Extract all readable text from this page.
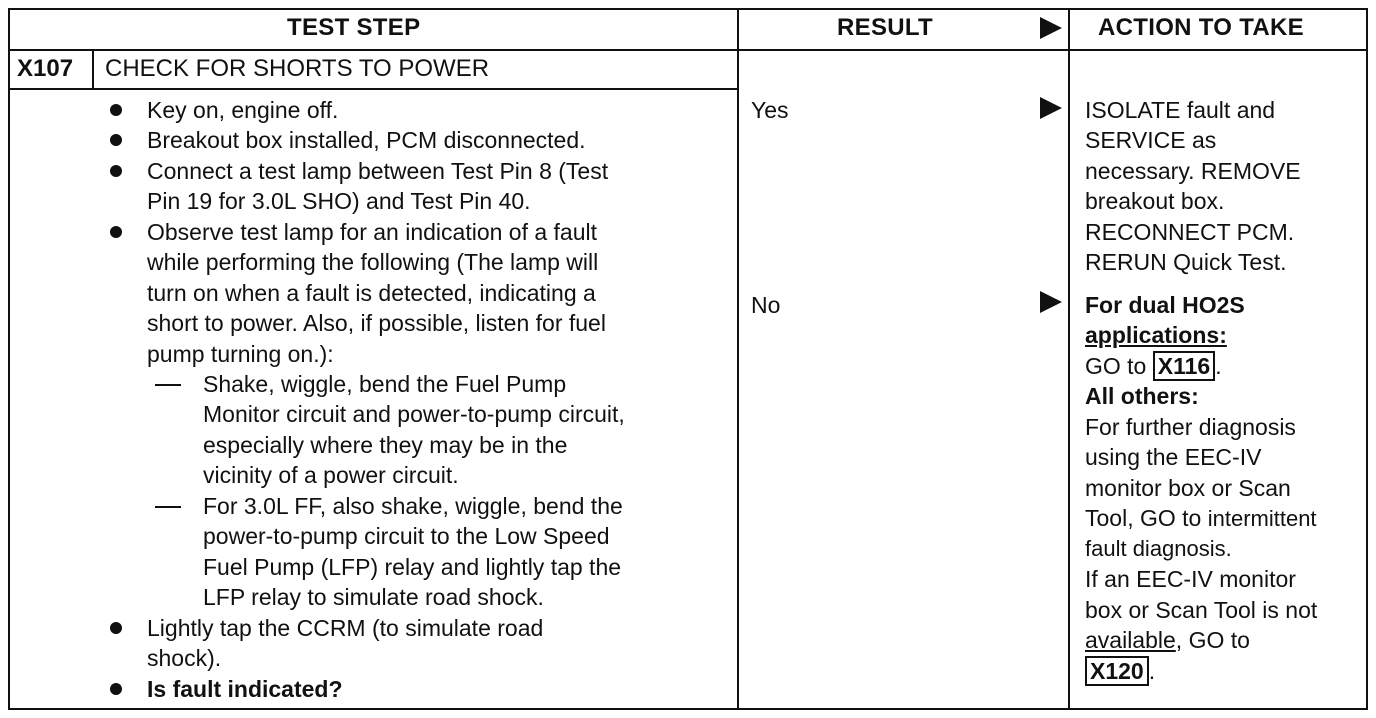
TEST STEP	RESULT	ACTION TO TAKE
X107 CHECK FOR SHORTS TO POWER
Key on, engine off.
Breakout box installed, PCM disconnected.
Connect a test lamp between Test Pin 8 (Test
Pin 19 for 3.0L SHO) and Test Pin 40.
Observe test lamp for an indication of a fault
while performing the following (The lamp will
turn on when a fault is detected, indicating a
short to power. Also, if possible, listen for fuel
pump turning on.):
Shake, wiggle, bend the Fuel Pump
Monitor circuit and power-to-pump circuit,
especially where they may be in the
vicinity of a power circuit.
For 3.0L FF, also shake, wiggle, bend the
power-to-pump circuit to the Low Speed
Fuel Pump (LFP) relay and lightly tap the
LFP relay to simulate road shock.
Lightly tap the CCRM (to simulate road
shock).
Is fault indicated?
Yes
No
ISOLATE fault and
SERVICE as
necessary. REMOVE
breakout box.
RECONNECT PCM.
RERUN Quick Test.
For dual HO2S
applications:
GO to X116 .
All others:
For further diagnosis
using the EEC-IV
monitor box or Scan
Tool, GO to intermittent
fault diagnosis.
If an EEC-IV monitor
box or Scan Tool is not
available, GO to
X120 .
